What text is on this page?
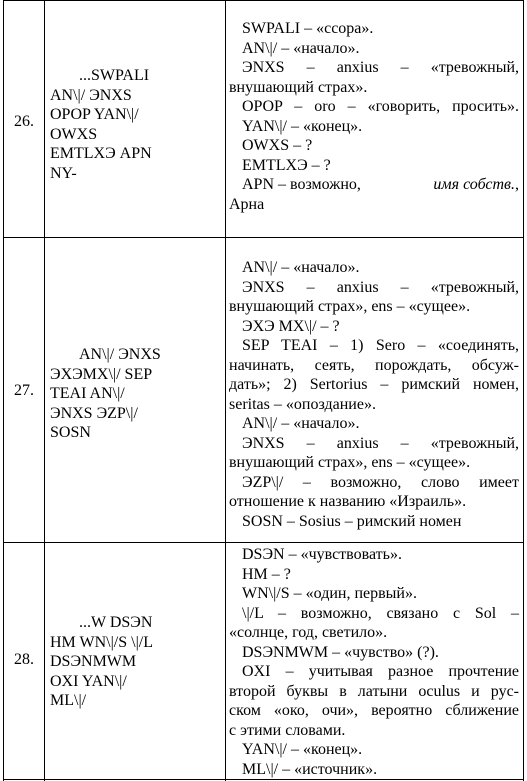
26.
...SWPALI
AN\|/ ЭNXS
OPOP YAN\|/
OWXS
EMTLXЭ APN
NY-
SWPALI – «ссора».
AN\|/ – «начало».
ЭNXS – anxius – «тревожный,
внушающий страх».
OPOP – oro – «говорить, просить».
YAN\|/ – «конец».
OWXS – ?
EMTLXЭ – ?
APN – возможно,	имя собств.,
Арна
27.
AN\|/ ЭNXS
ЭXЭMX\|/ SEP
TEAI AN\|/
ЭNXS ЭZP\|/
SOSN
AN\|/ – «начало».
ЭNXS – anxius – «тревожный,
внушающий страх», ens – «сущее».
ЭXЭ MX\|/ – ?
SEP TEAI – 1) Sero – «соединять,
начинать, сеять, порождать, обсуж-
дать»; 2) Sertorius – римский номен,
seritas – «опоздание».
AN\|/ – «начало».
ЭNXS – anxius – «тревожный,
внушающий страх», ens – «сущее».
ЭZP\|/ – возможно, слово имеет
отношение к названию «Израиль».
SOSN – Sosius – римский номен
28.
...W DSЭN
HM WN\|/S \|/L
DSЭNMWM
OXI YAN\|/
ML\|/
DSЭN – «чувствовать».
HM – ?
WN\|/S – «один, первый».
\|/L – возможно, связано с Sol –
«солнце, год, светило».
DSЭNMWM – «чувство» (?).
OXI – учитывая разное прочтение
второй буквы в латыни oculus и рус-
ском «око, очи», вероятно сближение
с этими словами.
YAN\|/ – «конец».
ML\|/ – «источник».
